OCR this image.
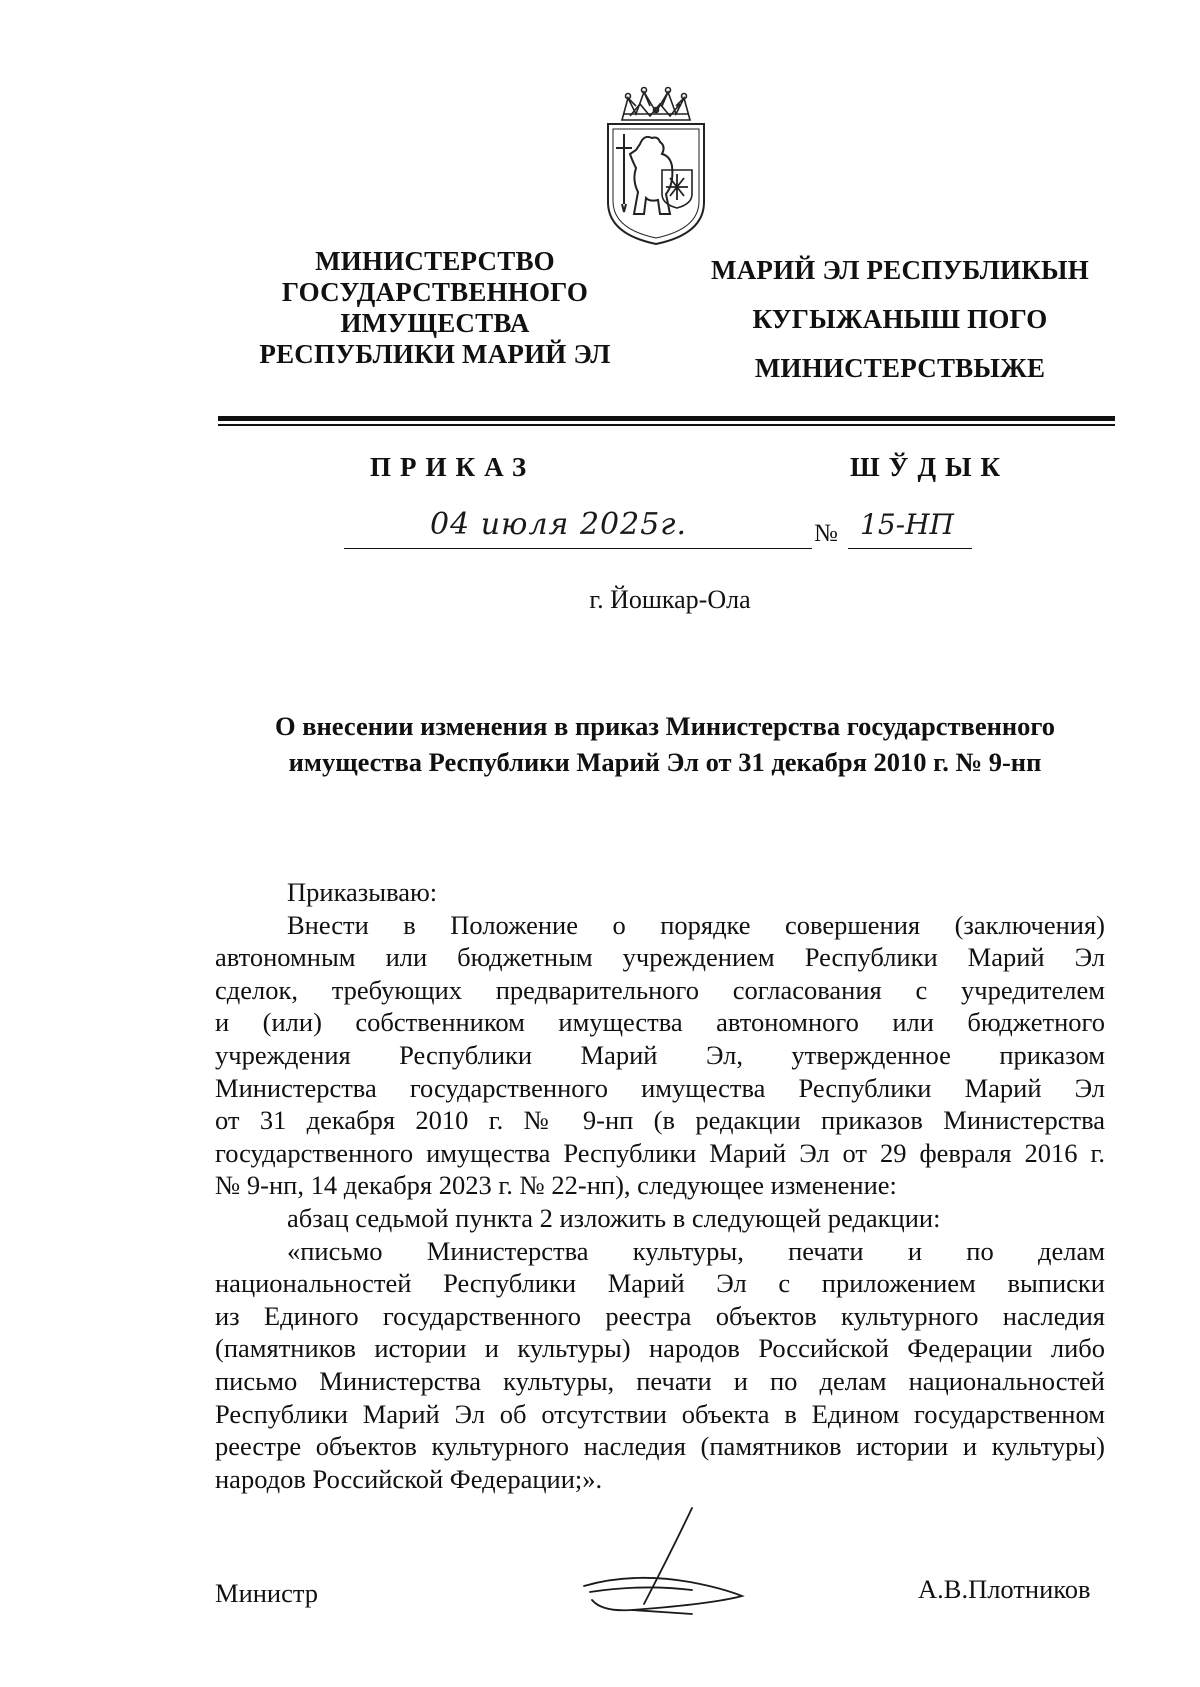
МИНИСТЕРСТВО
ГОСУДАРСТВЕННОГО
ИМУЩЕСТВА
РЕСПУБЛИКИ МАРИЙ ЭЛ
МАРИЙ ЭЛ РЕСПУБЛИКЫН
КУГЫЖАНЫШ ПОГО
МИНИСТЕРСТВЫЖЕ
ПРИКАЗ	ШЎДЫК
04 июля 2025г.	№ 15-НП
г. Йошкар-Ола
О внесении изменения в приказ Министерства государственного
имущества Республики Марий Эл от 31 декабря 2010 г. № 9-нп

Приказываю:

Внести в Положение о порядке совершения (заключения)
автономным или бюджетным учреждением Республики Марий Эл
сделок, требующих предварительного согласования с учредителем
и (или) собственником имущества автономного или бюджетного
учреждения Республики Марий Эл, утвержденное приказом
Министерства государственного имущества Республики Марий Эл
от 31 декабря 2010 г. № 9-нп (в редакции приказов Министерства
государственного имущества Республики Марий Эл от 29 февраля 2016 г.
№ 9-нп, 14 декабря 2023 г. № 22-нп), следующее изменение:

абзац седьмой пункта 2 изложить в следующей редакции:

«письмо Министерства культуры, печати и по делам
национальностей Республики Марий Эл с приложением выписки
из Единого государственного реестра объектов культурного наследия
(памятников истории и культуры) народов Российской Федерации либо
письмо Министерства культуры, печати и по делам национальностей
Республики Марий Эл об отсутствии объекта в Едином государственном
реестре объектов культурного наследия (памятников истории и культуры)
народов Российской Федерации;».

Министр	А.В.Плотников
